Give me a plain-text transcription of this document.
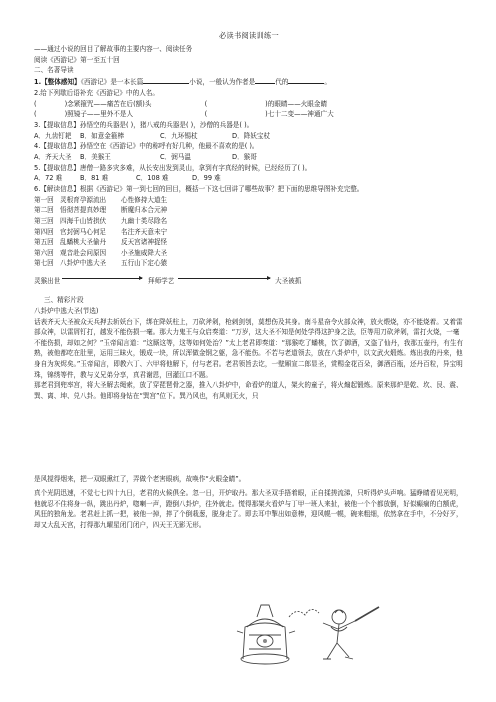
必读书阅读训练一
——通过小说的回目了解故事的主要内容一、阅读任务
阅读《西游记》第一至五十回
二、名著导读
1.【整体感知】《西游记》是一本长篇	小说，一般认为作者是	代的	。
2.给下列歇后语补充《西游记》中的人名。
(	)念紧箍咒——痛苦在后(额)头	(	)的眼睛——火眼金睛
(	)照镜子——里外不是人	(	)七十二变——神通广大
3.【提取信息】孙悟空的兵器是( )，猪八戒的兵器是( )，沙僧的兵器是( )。
A．九齿钉耙 B．如意金箍棒	C．九环锡杖	D．降妖宝杖
4.【提取信息】孙悟空在《西游记》中的称呼有好几种，他最不喜欢的是( )。
A．齐天大圣 B．美猴王	C．弼马温	D．猴哥
5.【提取信息】唐僧一路多灾多难，从长安出发到灵山，拿到有字真经的时候，已经经历了( )。
A．72 难	B．81 难	C．108 难	D．99 难
6.【解读信息】根据《西游记》第一到七回的回目，概括一下这七回讲了哪些故事？把下面的思维导图补充完整。
第一回 灵根育孕源流出 心性修持大道生
第二回 悟彻菩提真妙理 断魔归本合元神
第三回 四海千山皆拱伏 九幽十类尽除名
第四回 官封弼马心何足 名注齐天意未宁
第五回 乱蟠桃大圣偷丹 反天宫诸神捉怪
第六回 观音赴会问原因 小圣施威降大圣
第七回 八卦炉中逃大圣 五行山下定心猿
灵猴出世	拜师学艺	大圣被抓
三、精彩片段
八卦炉中逃大圣(节选)

话表齐天大圣被众天兵押去斩妖台下，绑在降妖柱上，刀砍斧剁，枪刺剑刳，莫想伤及其身。南斗星奋令火部众神，放火煨烧，亦不能烧着。又着雷部众神，以雷屑钉打，越发不能伤损一毫。那大力鬼王与众启奏道：“万岁，这大圣不知是何处学得这护身之法，臣等用刀砍斧剁，雷打火烧，一毫不能伤损，却如之何？”玉帝闻言道：“这厮这等，这等如何处治？”太上老君即奏道：“那猴吃了蟠桃，饮了御酒，又盗了仙丹，我那五壶丹，有生有熟，被他都吃在肚里，运用三昧火，锻成一块，所以浑做金钢之躯，急不能伤。不若与老道领去，放在八卦炉中，以文武火煅炼。炼出我的丹来，他身自为灰烬矣。”玉帝闻言，即教六丁、六甲将他解下，付与老君。老君领旨去讫，一壁厢宣二郎显圣，赏赐金花百朵，御酒百瓶，还丹百粒，异宝明珠，锦绣等件，教与义兄弟分享，真君谢恩，回灌江口不题。

那老君到兜率宫，将大圣解去绳索，放了穿琵琶骨之器，推入八卦炉中，命看炉的道人，架火的童子，将火煽起锻炼。原来那炉是乾、坎、艮、震、巽、离、坤、兑八卦。他即将身钻在“巽宫”位下。巽乃风也，有风则无火，只

是风搅得烟来，把一双眼熏红了，弄做个老害眼病，故唤作“火眼金睛”。

真个光阴迅速，不觉七七四十九日，老君的火候俱全。忽一日，开炉取丹。那大圣双手捂着眼，正自揉搓流涕，只听得炉头声响。猛睁睛看见光明，他就忍不住将身一纵，跳出丹炉，唿喇一声，蹬倒八卦炉，往外就走。慌得那架火看炉与丁甲一班人来扯，被他一个个都放倒，好似癫痫的白额虎，风狂的独角龙。老君赶上抓一把，被他一掉，捽了个倒栽葱，脱身走了。即去耳中掣出如意棒，迎风幌一幌，碗来粗细，依然拿在手中，不分好歹，却又大乱天宫，打得那九曜星闭门闭户，四天王无影无形。
